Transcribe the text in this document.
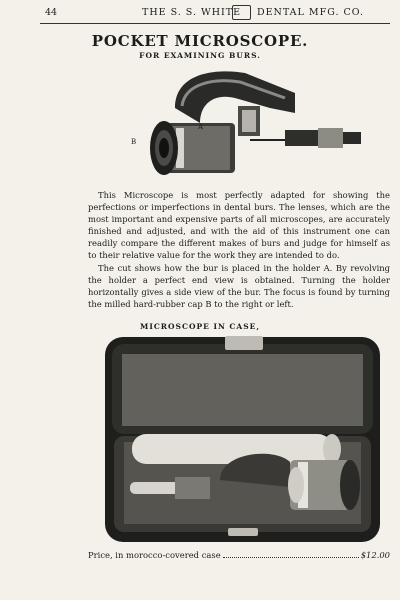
44	THE S. S. WHITE DENTAL MFG. CO.
POCKET MICROSCOPE.
FOR EXAMINING BURS.
A
B

This Microscope is most perfectly adapted for showing the perfections or imperfections in dental burs. The lenses, which are the most important and expensive parts of all microscopes, are accurately finished and adjusted, and with the aid of this instrument one can readily compare the different makes of burs and judge for himself as to their relative value for the work they are intended to do.

The cut shows how the bur is placed in the holder A. By revolving the holder a perfect end view is obtained. Turning the holder horizontally gives a side view of the bur. The focus is found by turning the milled hard-rubber cap B to the right or left.

MICROSCOPE IN CASE,
Price, in morocco-covered case	$12.00
